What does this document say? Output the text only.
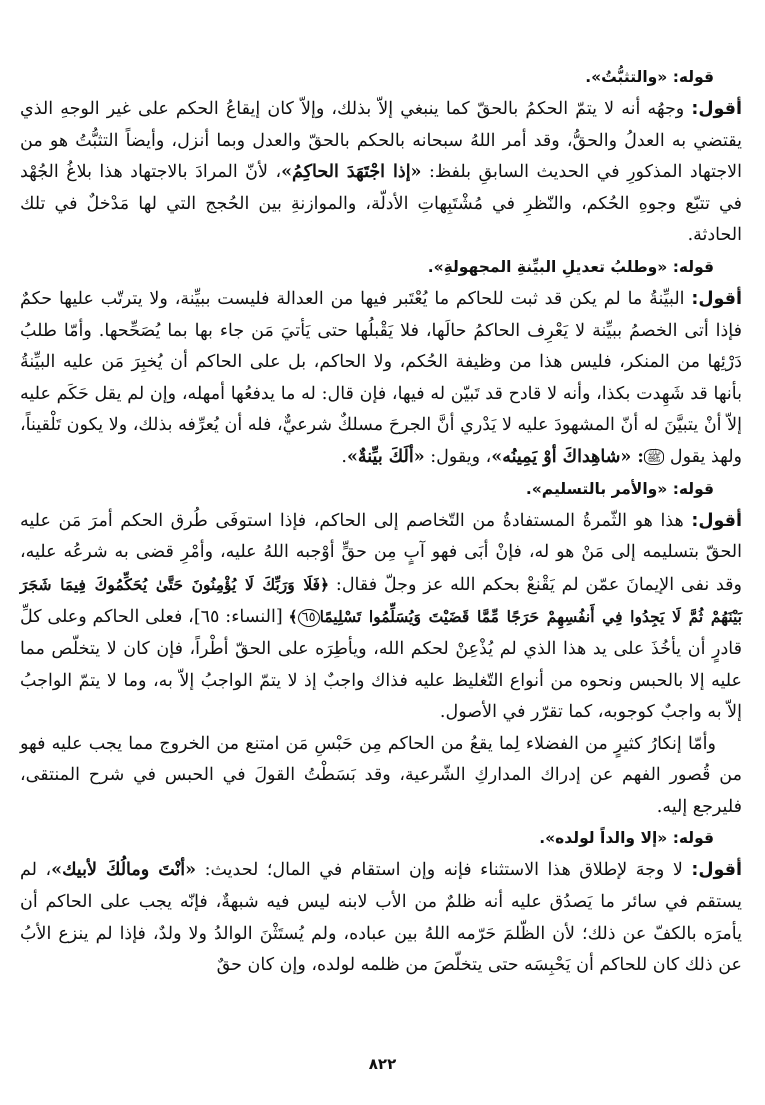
قوله: «والتثبُّتُ».

أقول: وجهُه أنه لا يتمّ الحكمُ بالحقّ كما ينبغي إلاّ بذلك، وإلاّ كان إيقاعُ الحكم على غير الوجهِ الذي يقتضي به العدلُ والحقُّ، وقد أمر اللهُ سبحانه بالحكم بالحقّ والعدل وبما أنزل، وأيضاً التثبُّتُ هو من الاجتهاد المذكورِ في الحديث السابقِ بلفظ: «إذا اجْتَهَدَ الحاكِمُ»، لأنّ المرادَ بالاجتهاد هذا بلاغُ الجُهْد في تتبّع وجوهِ الحُكم، والنّظرِ في مُشْتَبِهاتِ الأدلّة، والموازنةِ بين الحُجج التي لها مَدْخلٌ في تلك الحادثة.

قوله: «وطلبُ تعديلِ البيِّنةِ المجهولةِ».

أقول: البيِّنةُ ما لم يكن قد ثبت للحاكم ما يُعْتَبر فيها من العدالة فليست ببيِّنة، ولا يترتّب عليها حكمٌ فإذا أتى الخصمُ ببيِّنة لا يَعْرِف الحاكمُ حالَها، فلا يَقْبلُها حتى يَأتيَ مَن جاء بها بما يُصَحِّحها. وأمّا طلبُ دَرْئِها من المنكر، فليس هذا من وظيفة الحُكم، ولا الحاكم، بل على الحاكم أن يُخبِرَ مَن عليه البيِّنةُ بأنها قد شَهِدت بكذا، وأنه لا قادح قد تَبيّن له فيها، فإن قال: له ما يدفعُها أمهله، وإن لم يقل حَكَم عليه إلاّ أنْ يتبيَّنَ له أنّ المشهودَ عليه لا يَدْري أنَّ الجرحَ مسلكٌ شرعيٌّ، فله أن يُعرِّفه بذلك، ولا يكون تَلْقيناً، ولهذ يقول ﷺ: «شاهِداكَ أوْ يَمِينُه»، ويقول: «ألَكَ بيِّنةٌ».

قوله: «والأمر بالتسليم».

أقول: هذا هو الثّمرةُ المستفادةُ من التّخاصم إلى الحاكم، فإذا استوفَى طُرق الحكم أمرَ مَن عليه الحقّ بتسليمه إلى مَنْ هو له، فإنْ أبَى فهو آبٍ مِن حقٍّ أوْجبه اللهُ عليه، وأمْرِ قضى به شرعُه عليه، وقد نفى الإيمانَ عمّن لم يَقْنعْ بحكم الله عز وجلّ فقال: ﴿فَلَا وَرَبِّكَ لَا يُؤْمِنُونَ حَتَّىٰ يُحَكِّمُوكَ فِيمَا شَجَرَ بَيْنَهُمْ ثُمَّ لَا يَجِدُوا فِي أَنفُسِهِمْ حَرَجًا مِّمَّا قَضَيْتَ وَيُسَلِّمُوا تَسْلِيمًا٦٥﴾ [النساء: ٦٥]، فعلى الحاكم وعلى كلِّ قادرٍ أن يأخُذَ على يد هذا الذي لم يُذْعِنْ لحكم الله، ويأطِرَه على الحقّ أطْراً، فإن كان لا يتخلّص مما عليه إلا بالحبس ونحوه من أنواع التّغليظ عليه فذاك واجبٌ إذ لا يتمّ الواجبُ إلاّ به، وما لا يتمّ الواجبُ إلاّ به واجبٌ كوجوبه، كما تقرّر في الأصول.

وأمّا إنكارُ كثيرٍ من الفضلاء لِما يقعُ من الحاكم مِن حَبْسِ مَن امتنع من الخروج مما يجب عليه فهو من قُصور الفهم عن إدراك المداركِ الشّرعية، وقد بَسَطْتُ القولَ في الحبس في شرح المنتقى، فليرجع إليه.

قوله: «إلا والداً لولده».

أقول: لا وجهَ لإطلاق هذا الاستثناء فإنه وإن استقام في المال؛ لحديث: «أنْتَ ومالُكَ لأبيك»، لم يستقم في سائر ما يَصدُق عليه أنه ظلمٌ من الأب لابنه ليس فيه شبهةٌ، فإنّه يجب على الحاكم أن يأمرَه بالكفّ عن ذلك؛ لأن الظّلمَ حَرّمه اللهُ بين عباده، ولم يُستَثْنَ الوالدُ ولا ولدٌ، فإذا لم ينزع الأبُ عن ذلك كان للحاكم أن يَحْبِسَه حتى يتخلّصَ من ظلمه لولده، وإن كان حقٌ

٨٢٢
